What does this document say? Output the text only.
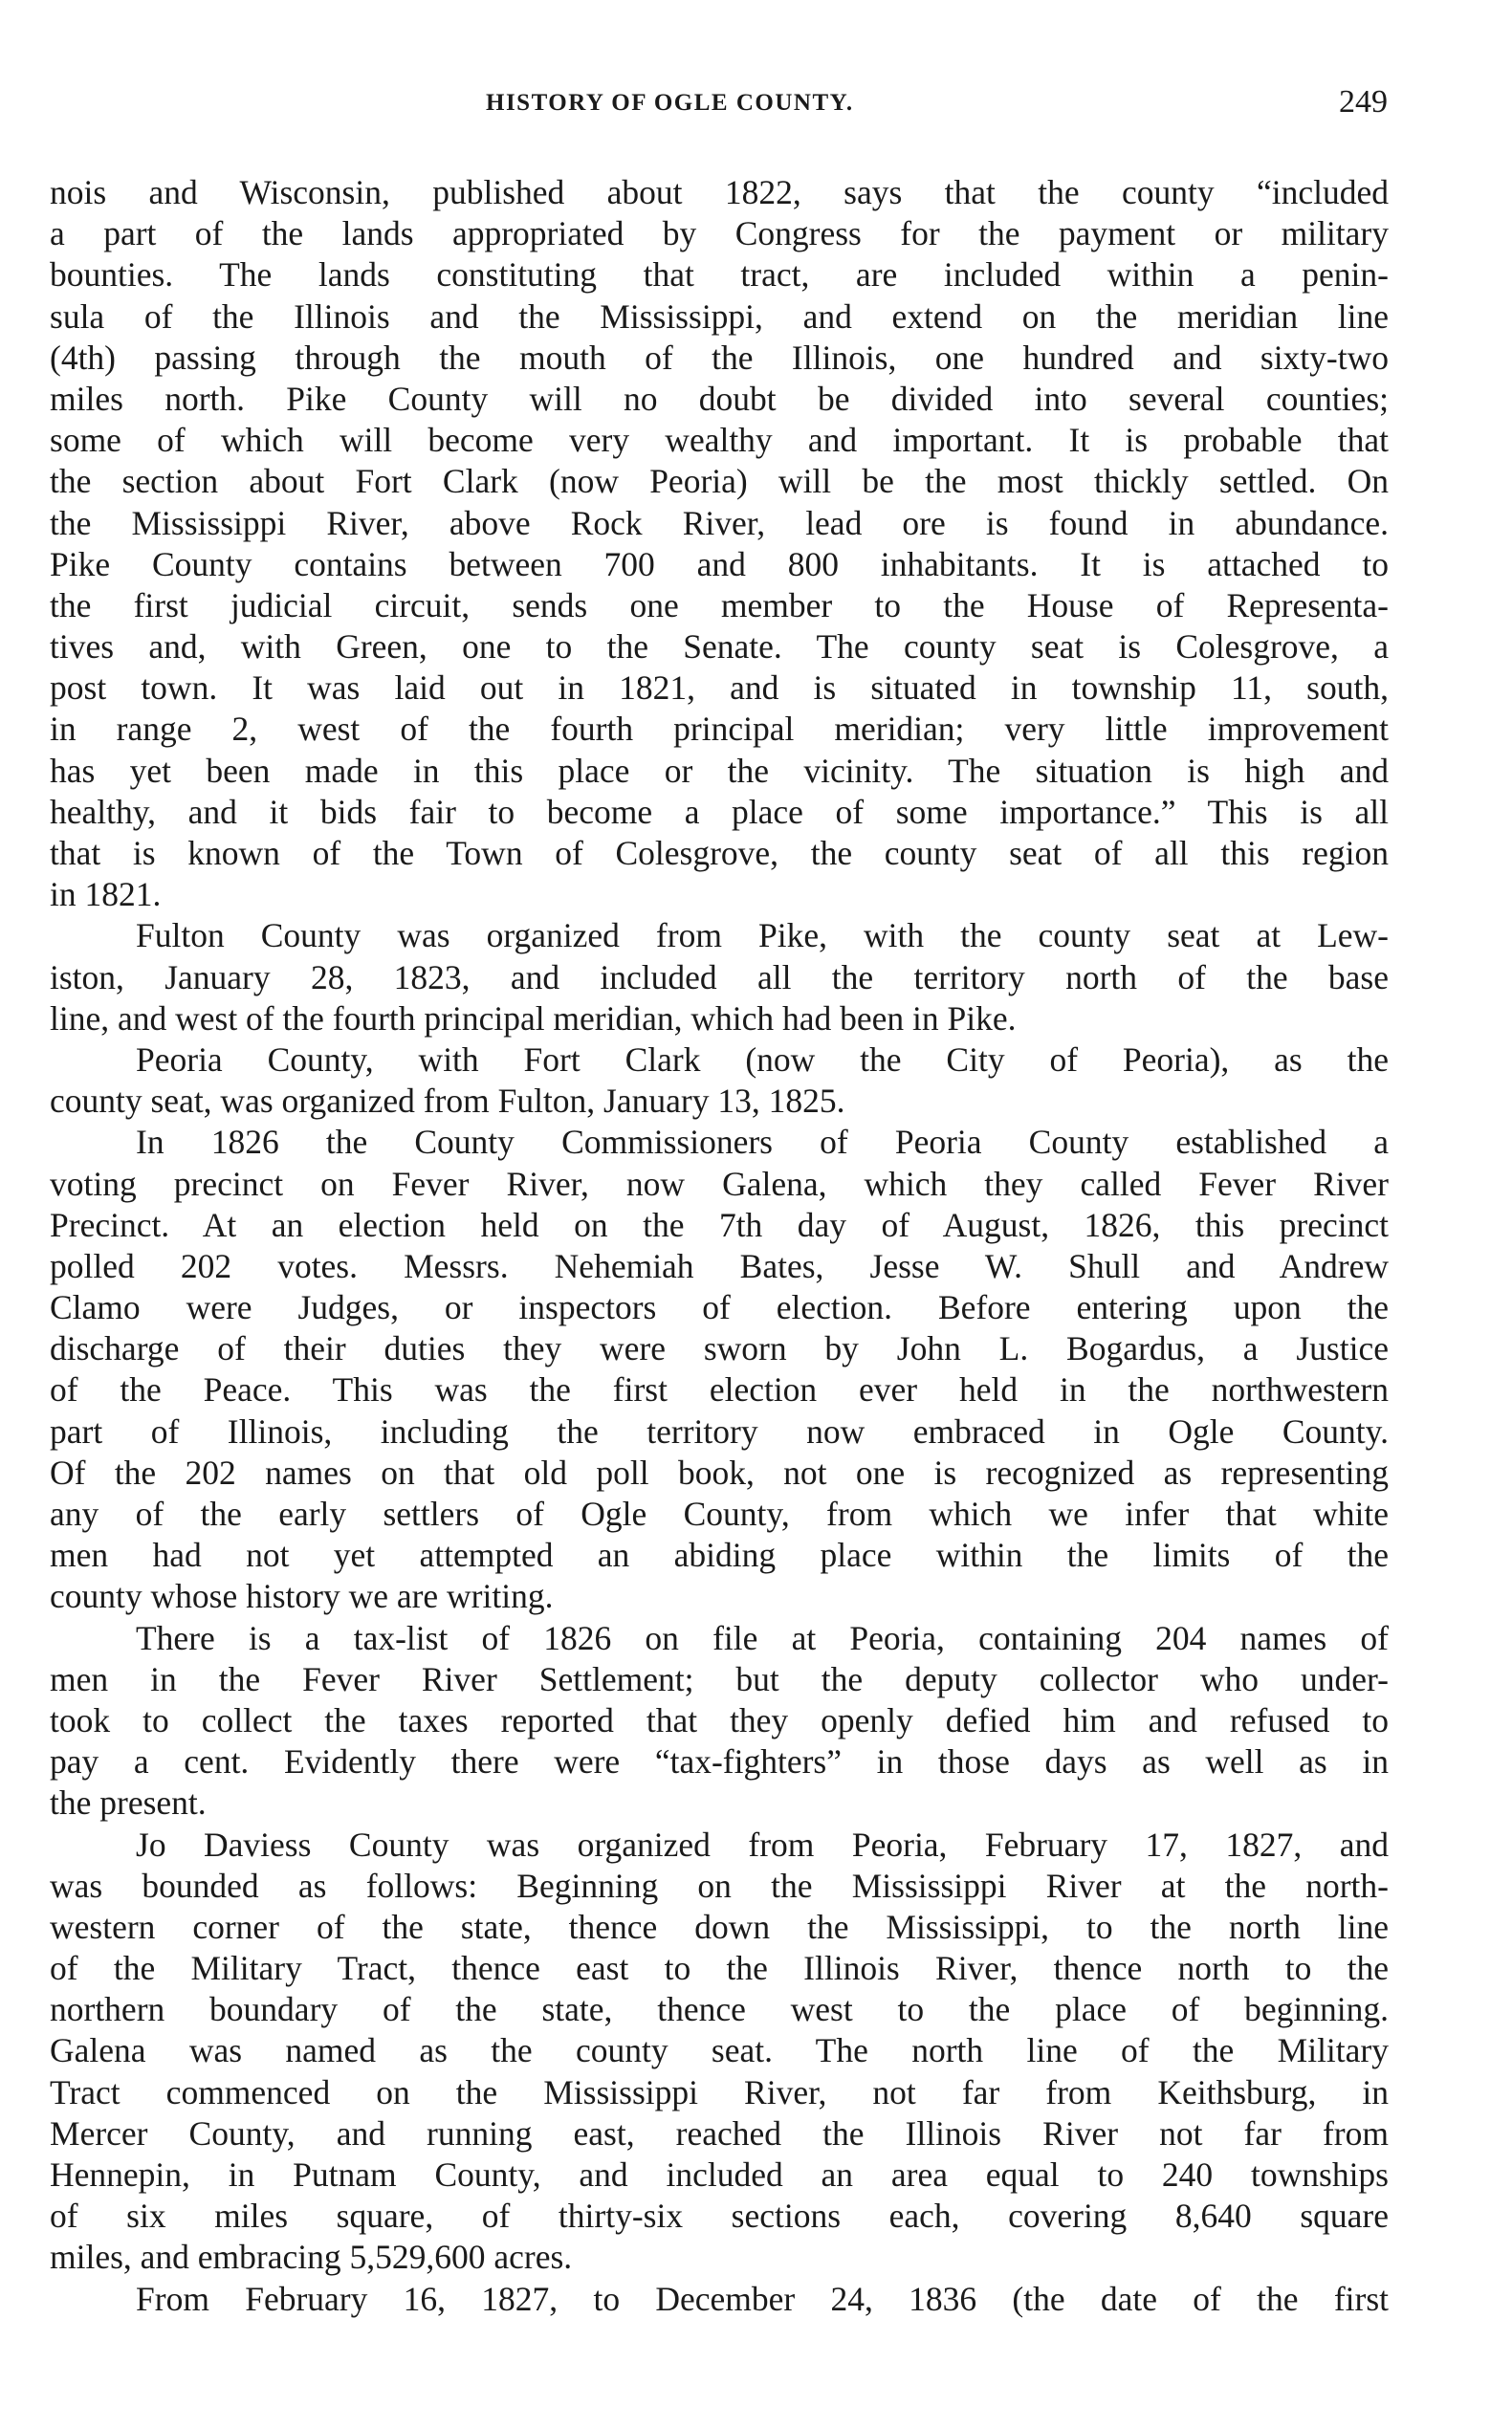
HISTORY OF OGLE COUNTY.	249
nois and Wisconsin, published about 1822, says that the county “included
a part of the lands appropriated by Congress for the payment or military
bounties. The lands constituting that tract, are included within a penin-
sula of the Illinois and the Mississippi, and extend on the meridian line
(4th) passing through the mouth of the Illinois, one hundred and sixty-two
miles north. Pike County will no doubt be divided into several counties;
some of which will become very wealthy and important. It is probable that
the section about Fort Clark (now Peoria) will be the most thickly settled. On
the Mississippi River, above Rock River, lead ore is found in abundance.
Pike County contains between 700 and 800 inhabitants. It is attached to
the first judicial circuit, sends one member to the House of Representa-
tives and, with Green, one to the Senate. The county seat is Colesgrove, a
post town. It was laid out in 1821, and is situated in township 11, south,
in range 2, west of the fourth principal meridian; very little improvement
has yet been made in this place or the vicinity. The situation is high and
healthy, and it bids fair to become a place of some importance.” This is all
that is known of the Town of Colesgrove, the county seat of all this region
in 1821.
Fulton County was organized from Pike, with the county seat at Lew-
iston, January 28, 1823, and included all the territory north of the base
line, and west of the fourth principal meridian, which had been in Pike.
Peoria County, with Fort Clark (now the City of Peoria), as the
county seat, was organized from Fulton, January 13, 1825.
In 1826 the County Commissioners of Peoria County established a
voting precinct on Fever River, now Galena, which they called Fever River
Precinct. At an election held on the 7th day of August, 1826, this precinct
polled 202 votes. Messrs. Nehemiah Bates, Jesse W. Shull and Andrew
Clamo were Judges, or inspectors of election. Before entering upon the
discharge of their duties they were sworn by John L. Bogardus, a Justice
of the Peace. This was the first election ever held in the northwestern
part of Illinois, including the territory now embraced in Ogle County.
Of the 202 names on that old poll book, not one is recognized as representing
any of the early settlers of Ogle County, from which we infer that white
men had not yet attempted an abiding place within the limits of the
county whose history we are writing.
There is a tax-list of 1826 on file at Peoria, containing 204 names of
men in the Fever River Settlement; but the deputy collector who under-
took to collect the taxes reported that they openly defied him and refused to
pay a cent. Evidently there were “tax-fighters” in those days as well as in
the present.
Jo Daviess County was organized from Peoria, February 17, 1827, and
was bounded as follows: Beginning on the Mississippi River at the north-
western corner of the state, thence down the Mississippi, to the north line
of the Military Tract, thence east to the Illinois River, thence north to the
northern boundary of the state, thence west to the place of beginning.
Galena was named as the county seat. The north line of the Military
Tract commenced on the Mississippi River, not far from Keithsburg, in
Mercer County, and running east, reached the Illinois River not far from
Hennepin, in Putnam County, and included an area equal to 240 townships
of six miles square, of thirty-six sections each, covering 8,640 square
miles, and embracing 5,529,600 acres.
From February 16, 1827, to December 24, 1836 (the date of the first
